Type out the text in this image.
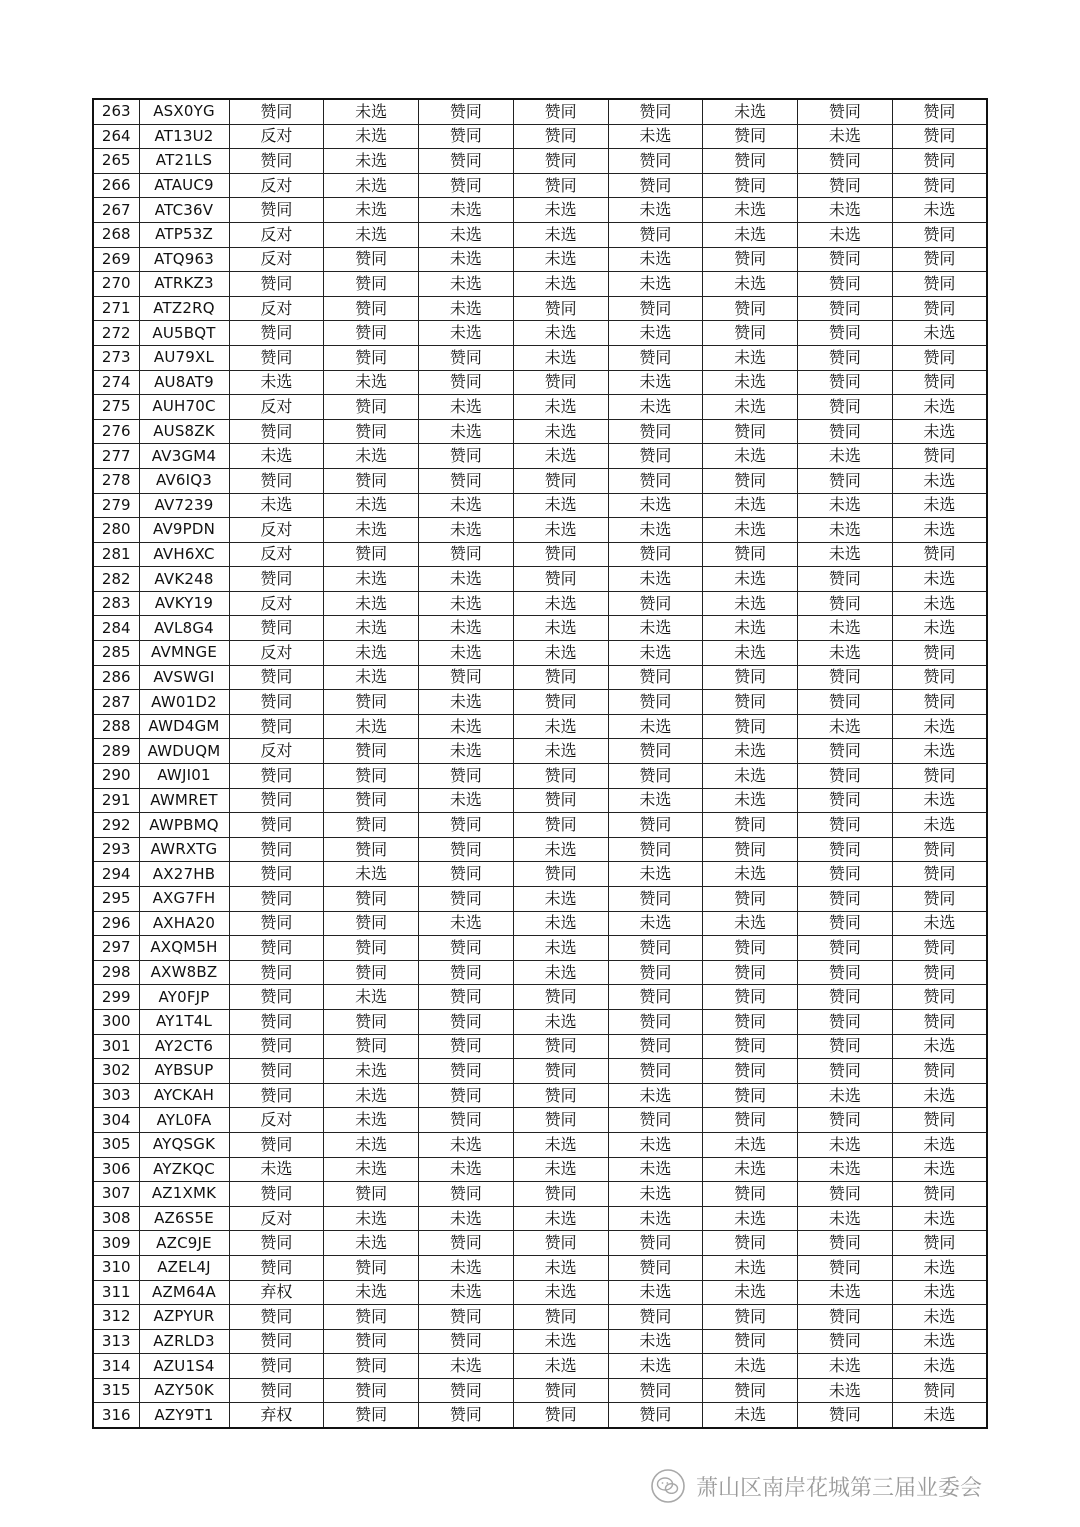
263	ASX0YG	赞同	未选	赞同	赞同	赞同	未选	赞同	赞同
264	AT13U2	反对	未选	赞同	赞同	未选	赞同	未选	赞同
265	AT21LS	赞同	未选	赞同	赞同	赞同	赞同	赞同	赞同
266	ATAUC9	反对	未选	赞同	赞同	赞同	赞同	赞同	赞同
267	ATC36V	赞同	未选	未选	未选	未选	未选	未选	未选
268	ATP53Z	反对	未选	未选	未选	赞同	未选	未选	赞同
269	ATQ963	反对	赞同	未选	未选	未选	赞同	赞同	赞同
270	ATRKZ3	赞同	赞同	未选	未选	未选	未选	赞同	赞同
271	ATZ2RQ	反对	赞同	未选	赞同	赞同	赞同	赞同	赞同
272	AU5BQT	赞同	赞同	未选	未选	未选	赞同	赞同	未选
273	AU79XL	赞同	赞同	赞同	未选	赞同	未选	赞同	赞同
274	AU8AT9	未选	未选	赞同	赞同	未选	未选	赞同	赞同
275	AUH70C	反对	赞同	未选	未选	未选	未选	赞同	未选
276	AUS8ZK	赞同	赞同	未选	未选	赞同	赞同	赞同	未选
277	AV3GM4	未选	未选	赞同	未选	赞同	未选	未选	赞同
278	AV6IQ3	赞同	赞同	赞同	赞同	赞同	赞同	赞同	未选
279	AV7239	未选	未选	未选	未选	未选	未选	未选	未选
280	AV9PDN	反对	未选	未选	未选	未选	未选	未选	未选
281	AVH6XC	反对	赞同	赞同	赞同	赞同	赞同	未选	赞同
282	AVK248	赞同	未选	未选	赞同	未选	未选	赞同	未选
283	AVKY19	反对	未选	未选	未选	赞同	未选	赞同	未选
284	AVL8G4	赞同	未选	未选	未选	未选	未选	未选	未选
285	AVMNGE	反对	未选	未选	未选	未选	未选	未选	赞同
286	AVSWGI	赞同	未选	赞同	赞同	赞同	赞同	赞同	赞同
287	AW01D2	赞同	赞同	未选	赞同	赞同	赞同	赞同	赞同
288	AWD4GM	赞同	未选	未选	未选	未选	赞同	未选	未选
289	AWDUQM	反对	赞同	未选	未选	赞同	未选	赞同	未选
290	AWJI01	赞同	赞同	赞同	赞同	赞同	未选	赞同	赞同
291	AWMRET	赞同	赞同	未选	赞同	未选	未选	赞同	未选
292	AWPBMQ	赞同	赞同	赞同	赞同	赞同	赞同	赞同	未选
293	AWRXTG	赞同	赞同	赞同	未选	赞同	赞同	赞同	赞同
294	AX27HB	赞同	未选	赞同	赞同	未选	未选	赞同	赞同
295	AXG7FH	赞同	赞同	赞同	未选	赞同	赞同	赞同	赞同
296	AXHA20	赞同	赞同	未选	未选	未选	未选	赞同	未选
297	AXQM5H	赞同	赞同	赞同	未选	赞同	赞同	赞同	赞同
298	AXW8BZ	赞同	赞同	赞同	未选	赞同	赞同	赞同	赞同
299	AY0FJP	赞同	未选	赞同	赞同	赞同	赞同	赞同	赞同
300	AY1T4L	赞同	赞同	赞同	未选	赞同	赞同	赞同	赞同
301	AY2CT6	赞同	赞同	赞同	赞同	赞同	赞同	赞同	未选
302	AYBSUP	赞同	未选	赞同	赞同	赞同	赞同	赞同	赞同
303	AYCKAH	赞同	未选	赞同	赞同	未选	赞同	未选	未选
304	AYL0FA	反对	未选	赞同	赞同	赞同	赞同	赞同	赞同
305	AYQSGK	赞同	未选	未选	未选	未选	未选	未选	未选
306	AYZKQC	未选	未选	未选	未选	未选	未选	未选	未选
307	AZ1XMK	赞同	赞同	赞同	赞同	未选	赞同	赞同	赞同
308	AZ6S5E	反对	未选	未选	未选	未选	未选	未选	未选
309	AZC9JE	赞同	未选	赞同	赞同	赞同	赞同	赞同	赞同
310	AZEL4J	赞同	赞同	未选	未选	赞同	未选	赞同	未选
311	AZM64A	弃权	未选	未选	未选	未选	未选	未选	未选
312	AZPYUR	赞同	赞同	赞同	赞同	赞同	赞同	赞同	未选
313	AZRLD3	赞同	赞同	赞同	未选	未选	赞同	赞同	未选
314	AZU1S4	赞同	赞同	未选	未选	未选	未选	未选	未选
315	AZY50K	赞同	赞同	赞同	赞同	赞同	赞同	未选	赞同
316	AZY9T1	弃权	赞同	赞同	赞同	赞同	未选	赞同	未选
萧山区南岸花城第三届业委会
